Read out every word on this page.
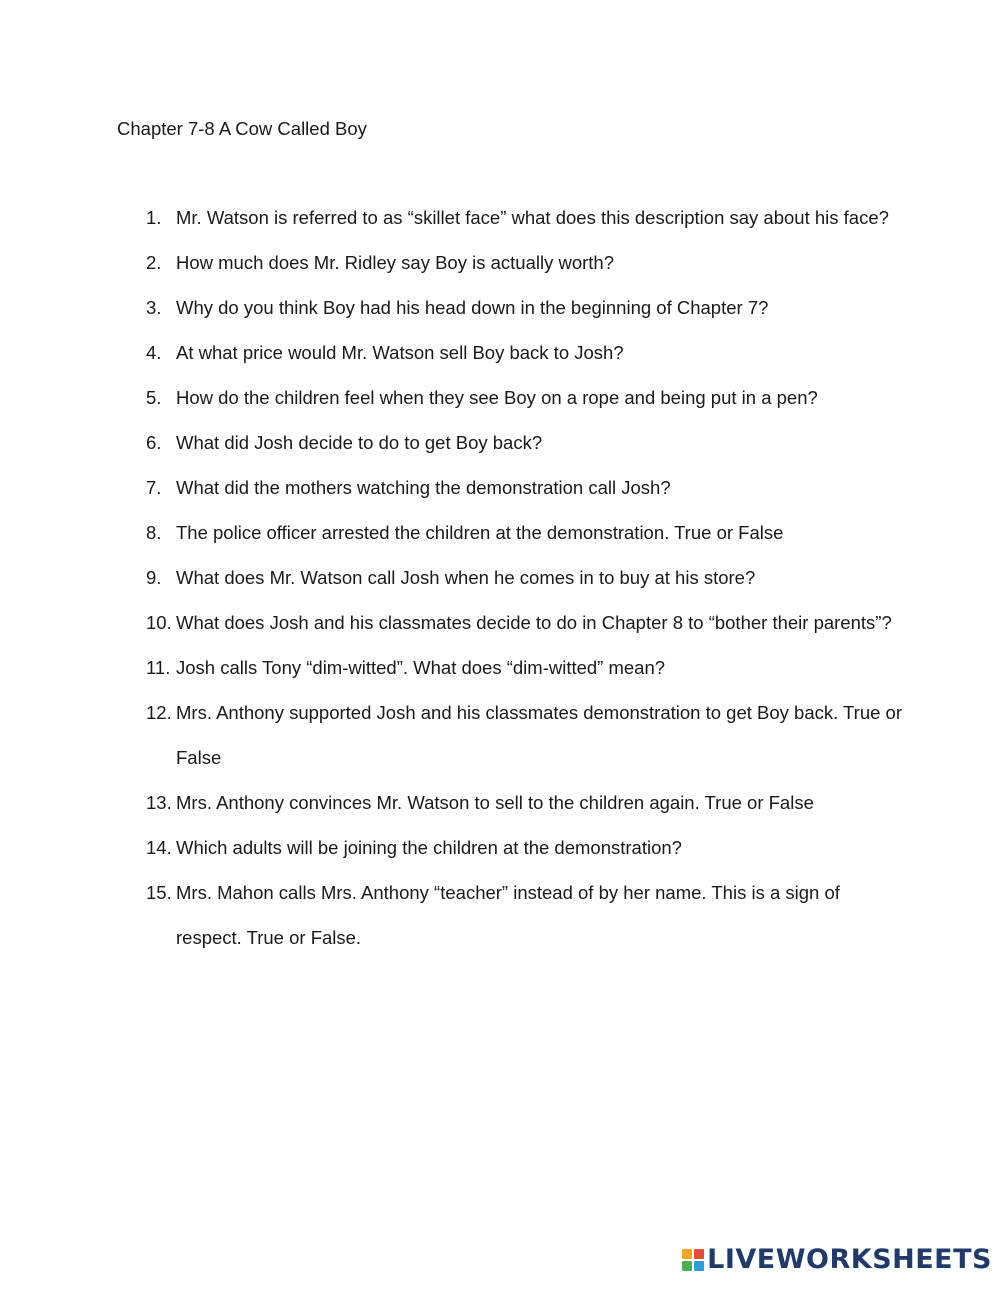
Chapter 7-8 A Cow Called Boy
1. Mr. Watson is referred to as “skillet face” what does this description say about his face?
2. How much does Mr. Ridley say Boy is actually worth?
3. Why do you think Boy had his head down in the beginning of Chapter 7?
4. At what price would Mr. Watson sell Boy back to Josh?
5. How do the children feel when they see Boy on a rope and being put in a pen?
6. What did Josh decide to do to get Boy back?
7. What did the mothers watching the demonstration call Josh?
8. The police officer arrested the children at the demonstration. True or False
9. What does Mr. Watson call Josh when he comes in to buy at his store?
10. What does Josh and his classmates decide to do in Chapter 8 to “bother their parents”?
11. Josh calls Tony “dim-witted”. What does “dim-witted” mean?
12. Mrs. Anthony supported Josh and his classmates demonstration to get Boy back. True or False
13. Mrs. Anthony convinces Mr. Watson to sell to the children again. True or False
14. Which adults will be joining the children at the demonstration?
15. Mrs. Mahon calls Mrs. Anthony “teacher” instead of by her name. This is a sign of respect. True or False.
LIVEWORKSHEETS
